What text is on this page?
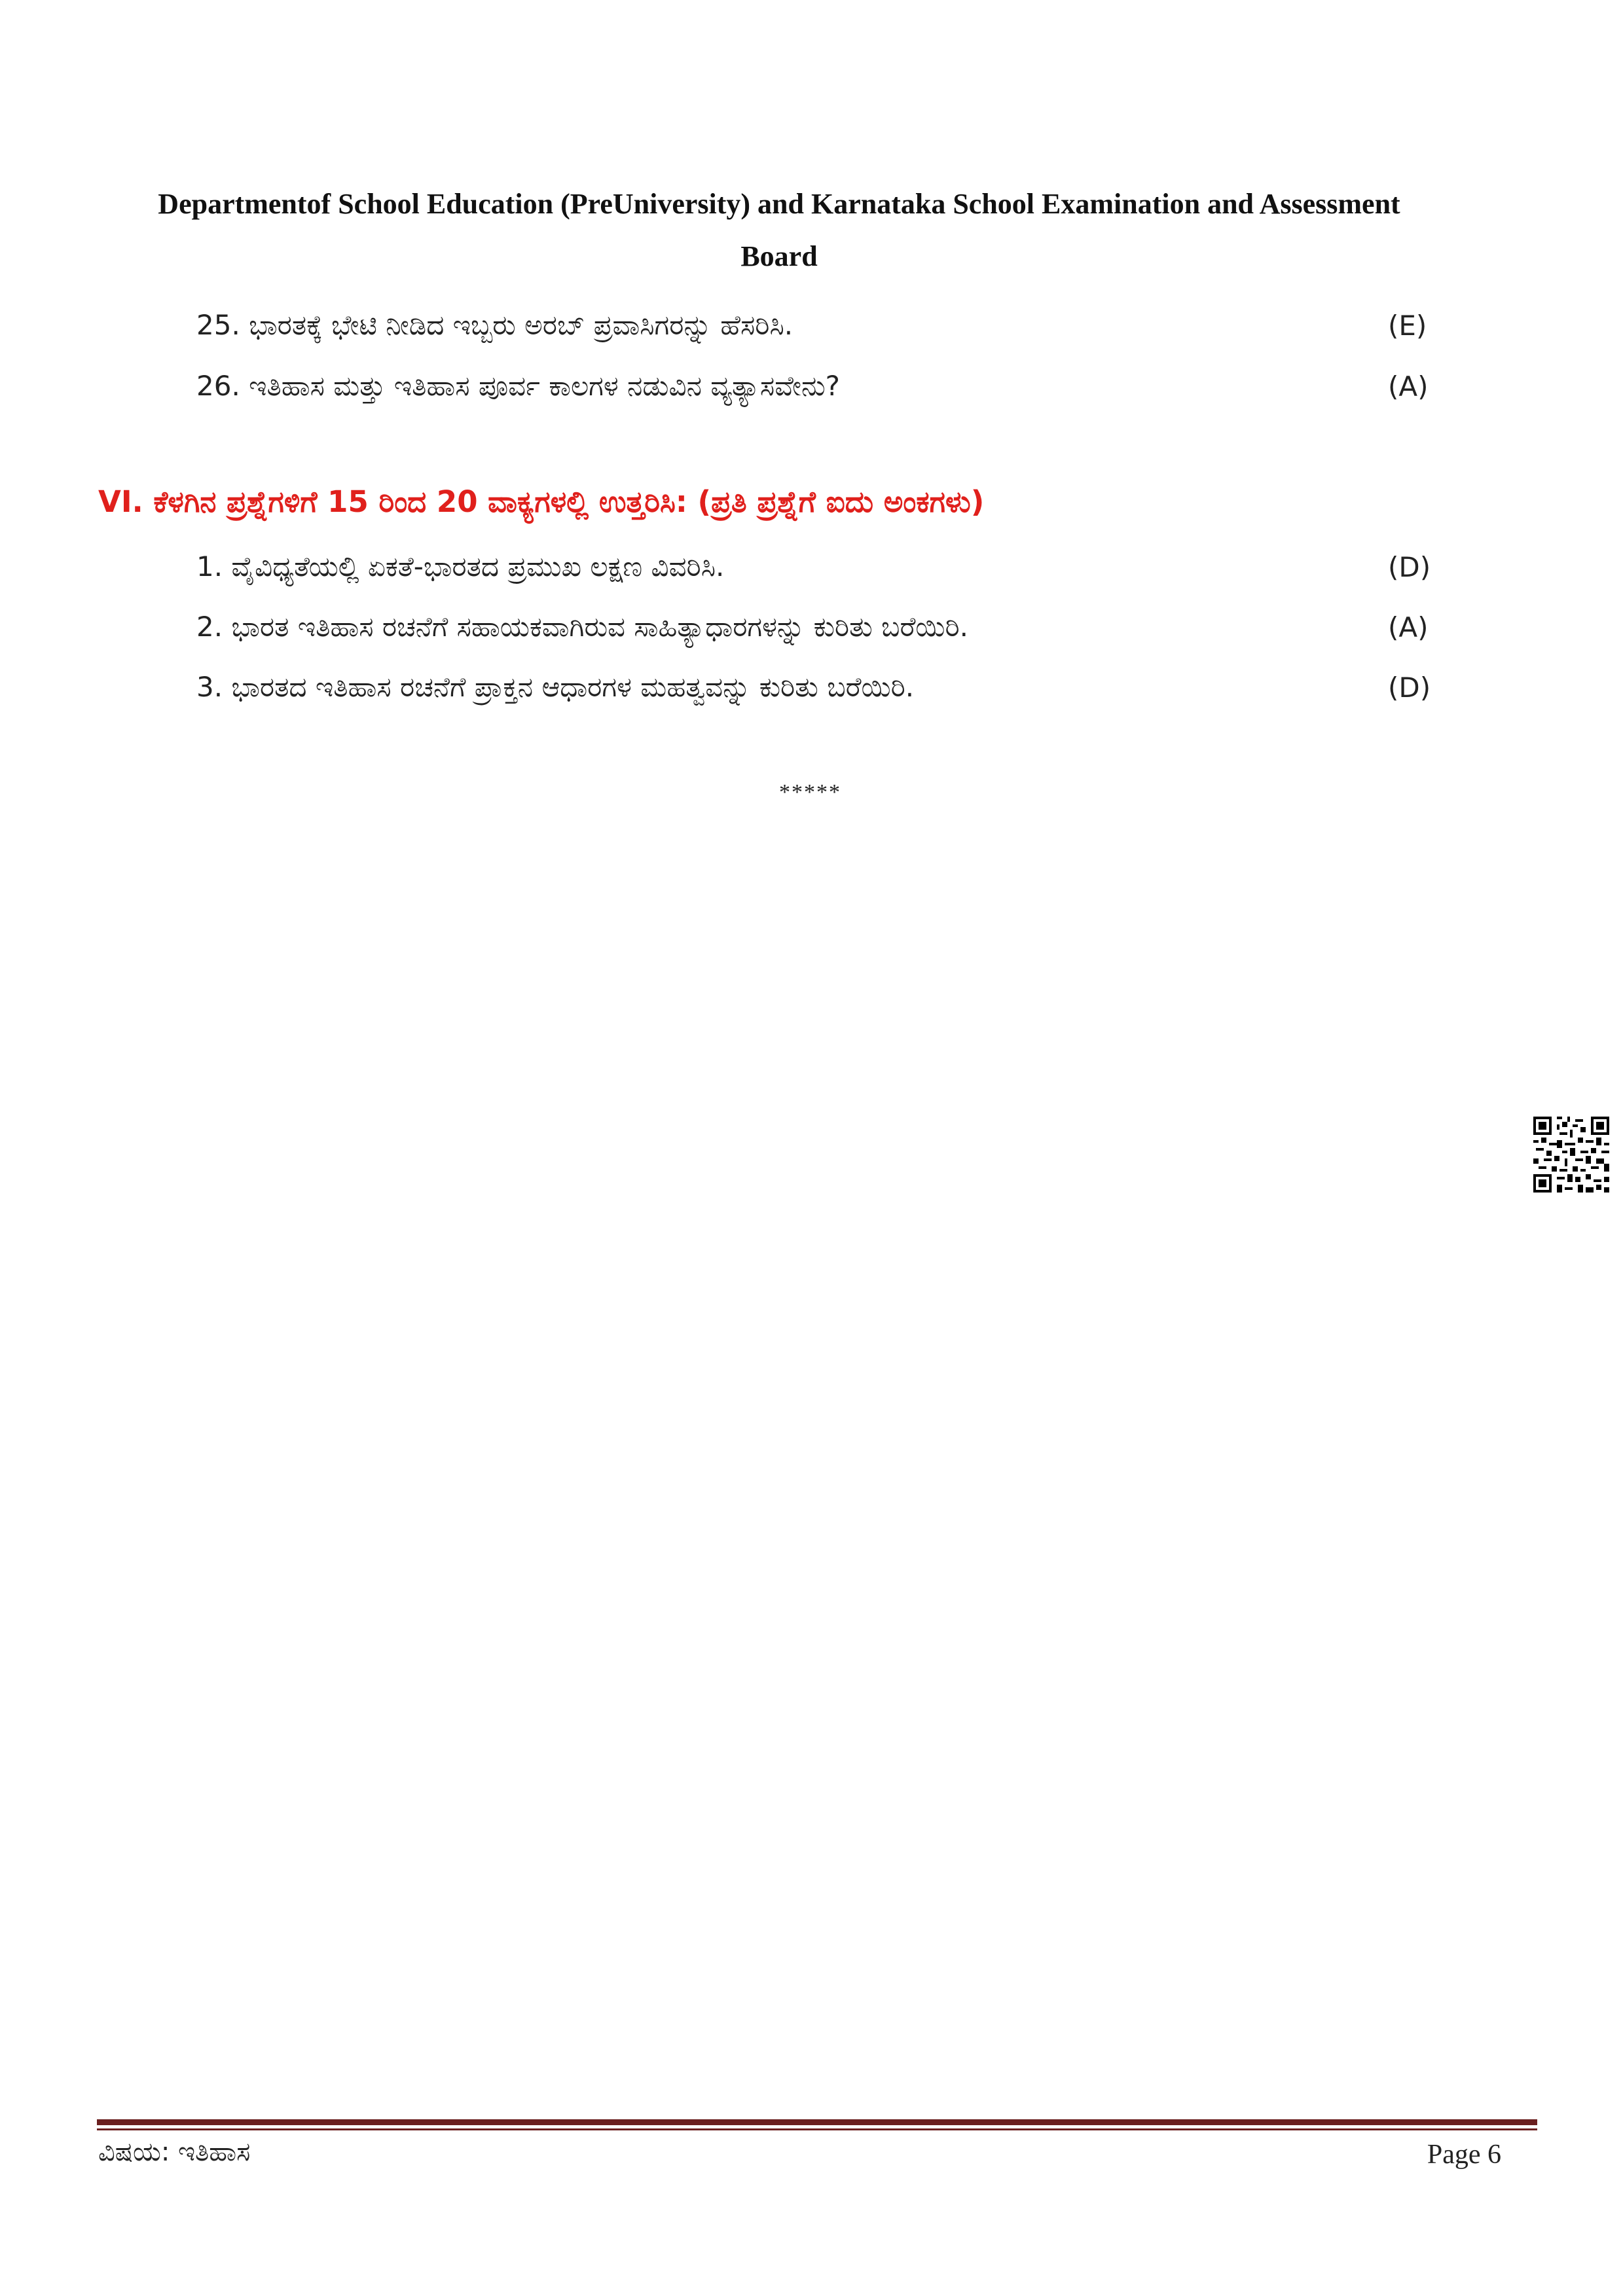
Departmentof School Education (PreUniversity) and Karnataka School Examination and Assessment
Board
25. ಭಾರತಕ್ಕೆ ಭೇಟಿ ನೀಡಿದ ಇಬ್ಬರು ಅರಬ್ ಪ್ರವಾಸಿಗರನ್ನು ಹೆಸರಿಸಿ.	(E)
26. ಇತಿಹಾಸ ಮತ್ತು ಇತಿಹಾಸ ಪೂರ್ವ ಕಾಲಗಳ ನಡುವಿನ ವ್ಯತ್ಯಾಸವೇನು?	(A)
VI. ಕೆಳಗಿನ ಪ್ರಶ್ನೆಗಳಿಗೆ 15 ರಿಂದ 20 ವಾಕ್ಯಗಳಲ್ಲಿ ಉತ್ತರಿಸಿ: (ಪ್ರತಿ ಪ್ರಶ್ನೆಗೆ ಐದು ಅಂಕಗಳು)
1. ವೈವಿಧ್ಯತೆಯಲ್ಲಿ ಏಕತೆ-ಭಾರತದ ಪ್ರಮುಖ ಲಕ್ಷಣ ವಿವರಿಸಿ.	(D)
2. ಭಾರತ ಇತಿಹಾಸ ರಚನೆಗೆ ಸಹಾಯಕವಾಗಿರುವ ಸಾಹಿತ್ಯಾಧಾರಗಳನ್ನು ಕುರಿತು ಬರೆಯಿರಿ.	(A)
3. ಭಾರತದ ಇತಿಹಾಸ ರಚನೆಗೆ ಪ್ರಾಕ್ತನ ಆಧಾರಗಳ ಮಹತ್ವವನ್ನು ಕುರಿತು ಬರೆಯಿರಿ.	(D)
*****
ವಿಷಯ: ಇತಿಹಾಸ	Page 6
